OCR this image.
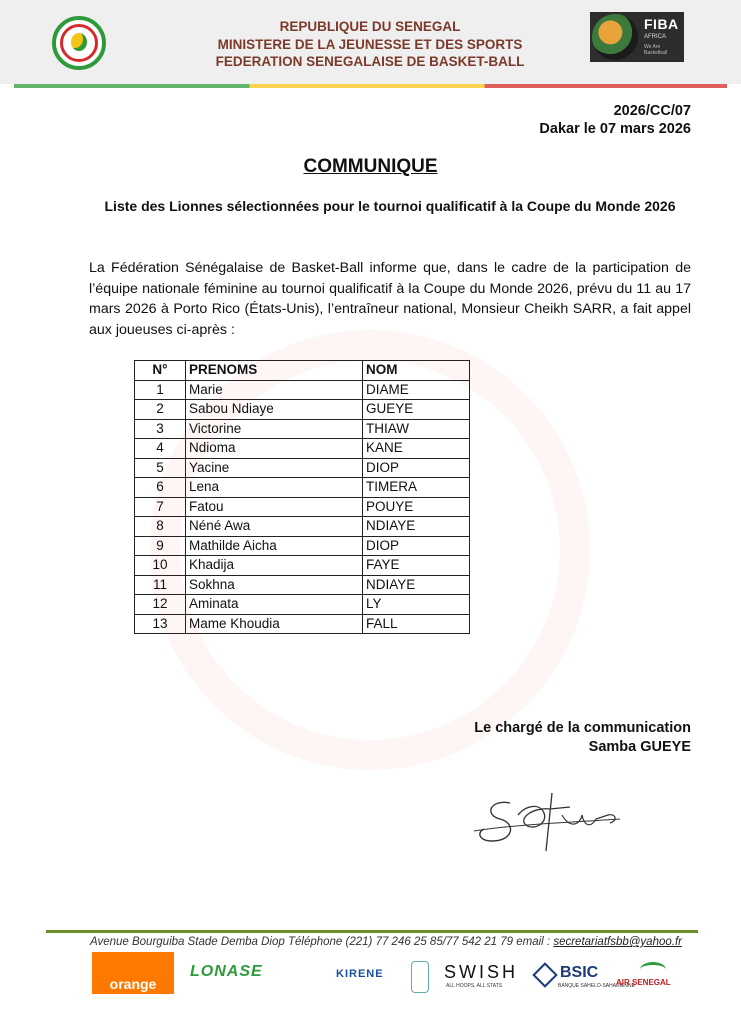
REPUBLIQUE DU SENEGAL
MINISTERE DE LA JEUNESSE ET DES SPORTS
FEDERATION SENEGALAISE DE BASKET-BALL
FIBA
AFRICA
We Are Basketball
2026/CC/07
Dakar le 07 mars 2026
COMMUNIQUE
Liste des Lionnes sélectionnées pour le tournoi qualificatif à la Coupe du Monde 2026
La Fédération Sénégalaise de Basket-Ball informe que, dans le cadre de la participation de l’équipe nationale féminine au tournoi qualificatif à la Coupe du Monde 2026, prévu du 11 au 17 mars 2026 à Porto Rico (États-Unis), l’entraîneur national, Monsieur Cheikh SARR, a fait appel aux joueuses ci-après :
N°	PRENOMS	NOM
1	Marie	DIAME
2	Sabou Ndiaye	GUEYE
3	Victorine	THIAW
4	Ndioma	KANE
5	Yacine	DIOP
6	Lena	TIMERA
7	Fatou	POUYE
8	Néné Awa	NDIAYE
9	Mathilde Aicha	DIOP
10	Khadija	FAYE
11	Sokhna	NDIAYE
12	Aminata	LY
13	Mame Khoudia	FALL
Le chargé de la communication
Samba GUEYE
Avenue Bourguiba Stade Demba Diop Téléphone (221) 77 246 25 85/77 542 21 79 email : secretariatfsbb@yahoo.fr
orange
LONASE	KIRENE	SWISH
ALL HOOPS, ALL STATS
BSIC
BANQUE SAHELO-SAHARIENNE
AIR SENEGAL
